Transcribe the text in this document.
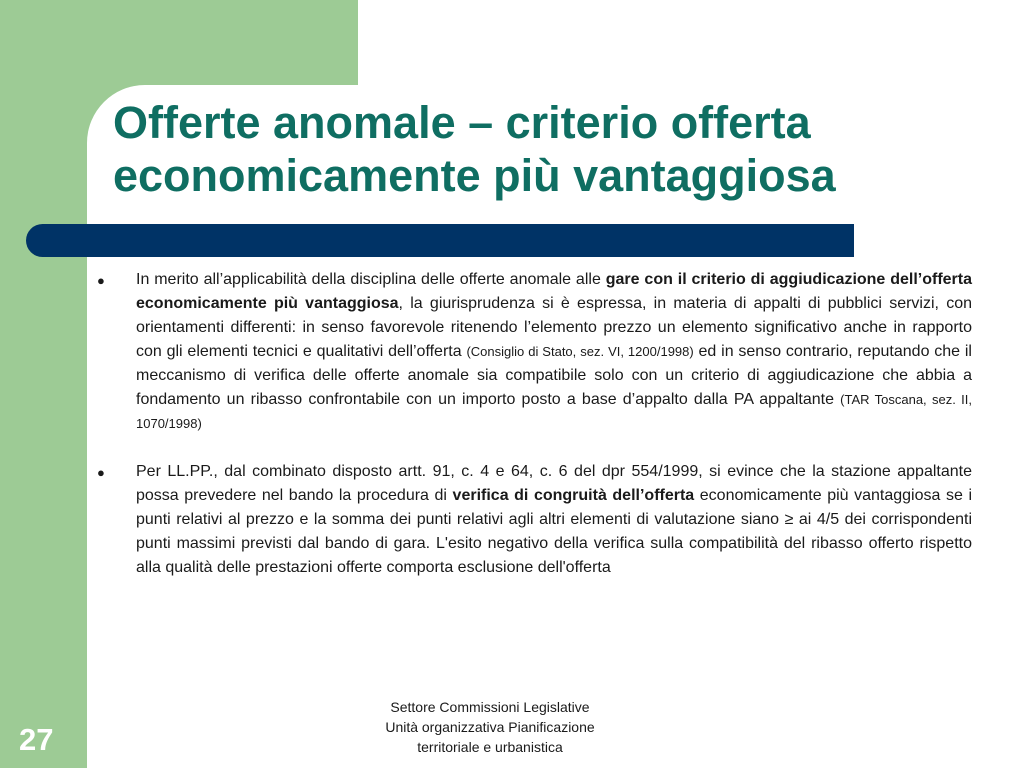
Offerte anomale – criterio offerta economicamente più vantaggiosa
● In merito all’applicabilità della disciplina delle offerte anomale alle gare con il criterio di aggiudicazione dell’offerta economicamente più vantaggiosa, la giurisprudenza si è espressa, in materia di appalti di pubblici servizi, con orientamenti differenti: in senso favorevole ritenendo l’elemento prezzo un elemento significativo anche in rapporto con gli elementi tecnici e qualitativi dell’offerta (Consiglio di Stato, sez. VI, 1200/1998) ed in senso contrario, reputando che il meccanismo di verifica delle offerte anomale sia compatibile solo con un criterio di aggiudicazione che abbia a fondamento un ribasso confrontabile con un importo posto a base d’appalto dalla PA appaltante (TAR Toscana, sez. II, 1070/1998)
● Per LL.PP., dal combinato disposto artt. 91, c. 4 e 64, c. 6 del dpr 554/1999, si evince che la stazione appaltante possa prevedere nel bando la procedura di verifica di congruità dell’offerta economicamente più vantaggiosa se i punti relativi al prezzo e la somma dei punti relativi agli altri elementi di valutazione siano ≥ ai 4/5 dei corrispondenti punti massimi previsti dal bando di gara. L'esito negativo della verifica sulla compatibilità del ribasso offerto rispetto alla qualità delle prestazioni offerte comporta esclusione dell'offerta
Settore Commissioni Legislative
Unità organizzativa Pianificazione
territoriale e urbanistica
27
